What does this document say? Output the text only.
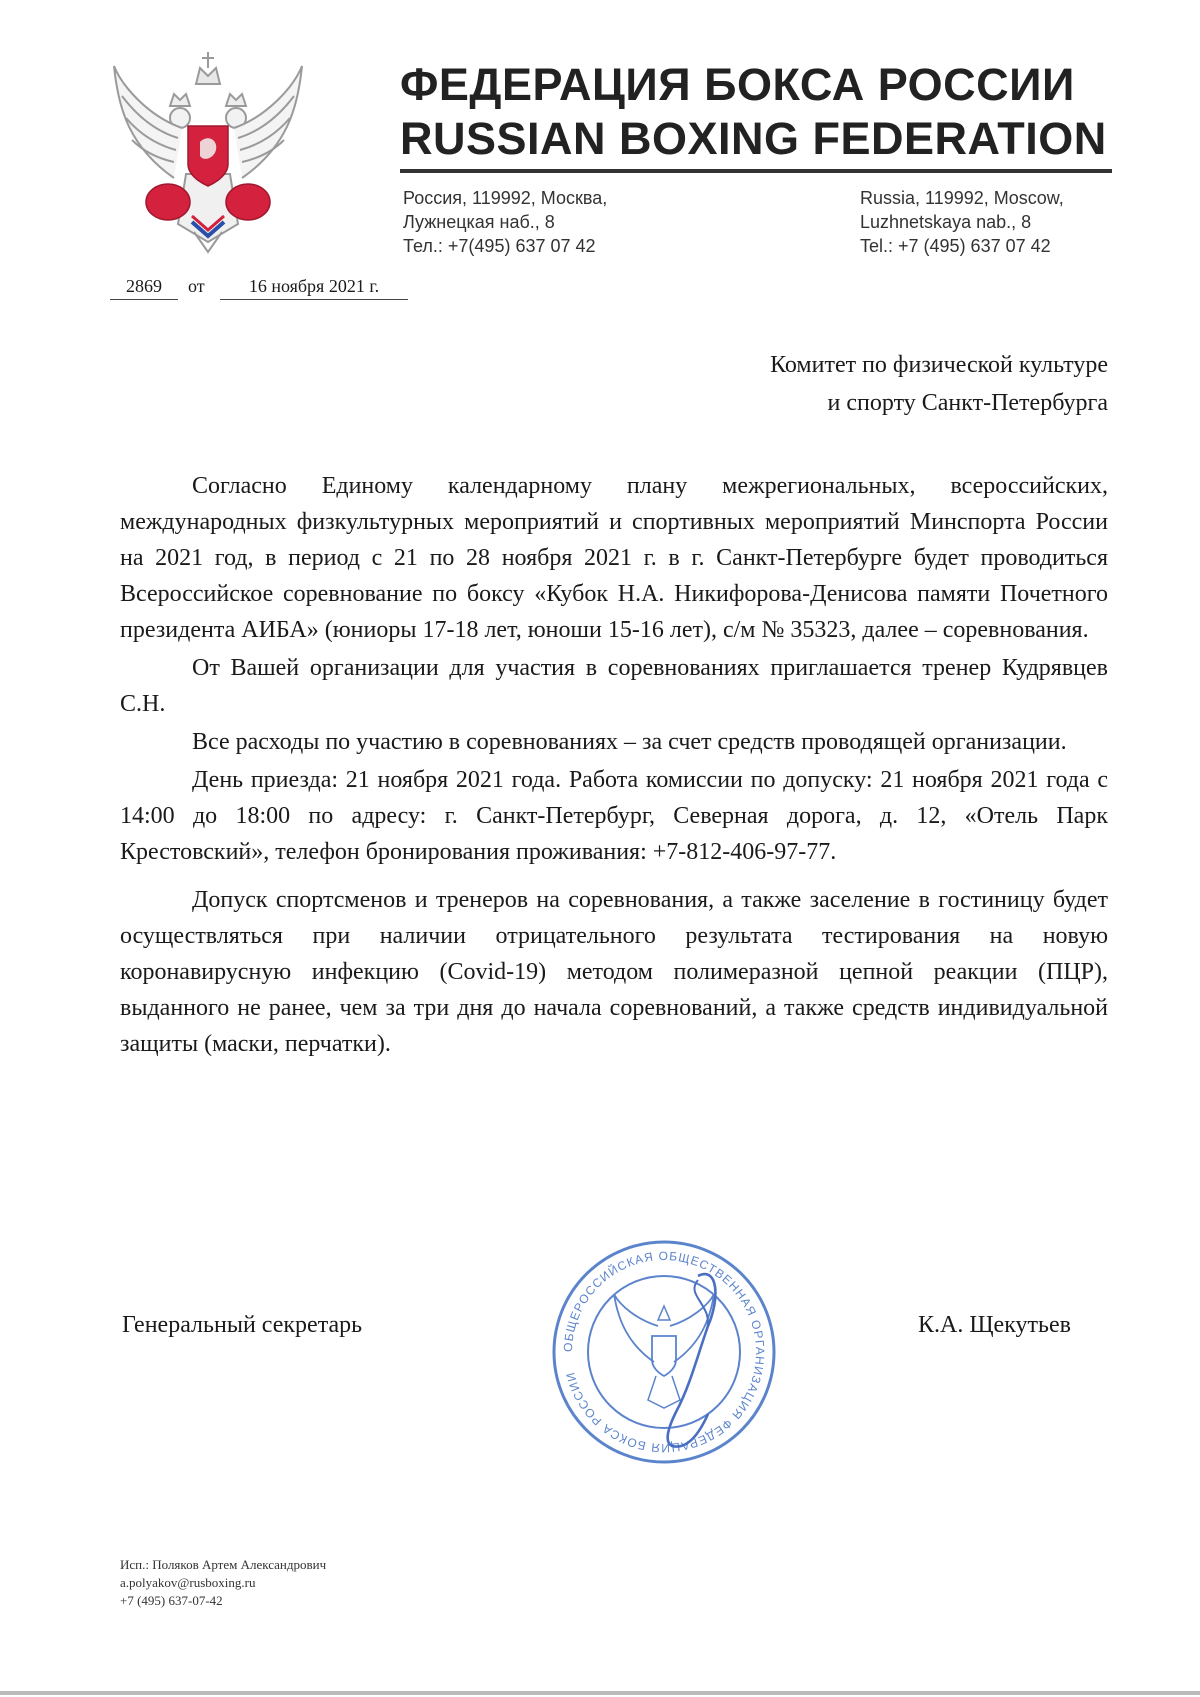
ФЕДЕРАЦИЯ БОКСА РОССИИ
RUSSIAN BOXING FEDERATION
Россия, 119992, Москва,
Лужнецкая наб., 8
Тел.: +7(495) 637 07 42
Russia, 119992, Moscow,
Luzhnetskaya nab., 8
Tel.: +7 (495) 637 07 42
2869	от	16 ноября 2021 г.
Комитет по физической культуре
и спорту Санкт-Петербурга

Согласно Единому календарному плану межрегиональных, всероссийских, международных физкультурных мероприятий и спортивных мероприятий Минспорта России на 2021 год, в период с 21 по 28 ноября 2021 г. в г. Санкт-Петербурге будет проводиться Всероссийское соревнование по боксу «Кубок Н.А. Никифорова-Денисова памяти Почетного президента АИБА» (юниоры 17-18 лет, юноши 15-16 лет), с/м № 35323, далее – соревнования.

От Вашей организации для участия в соревнованиях приглашается тренер Кудрявцев С.Н.

Все расходы по участию в соревнованиях – за счет средств проводящей организации.

День приезда: 21 ноября 2021 года. Работа комиссии по допуску: 21 ноября 2021 года с 14:00 до 18:00 по адресу: г. Санкт-Петербург, Северная дорога, д. 12, «Отель Парк Крестовский», телефон бронирования проживания: +7-812-406-97-77.

Допуск спортсменов и тренеров на соревнования, а также заселение в гостиницу будет осуществляться при наличии отрицательного результата тестирования на новую коронавирусную инфекцию (Covid-19) методом полимеразной цепной реакции (ПЦР), выданного не ранее, чем за три дня до начала соревнований, а также средств индивидуальной защиты (маски, перчатки).

Генеральный секретарь
ОБЩЕРОССИЙСКАЯ ОБЩЕСТВЕННАЯ ОРГАНИЗАЦИЯ ФЕДЕРАЦИЯ БОКСА РОССИИ
К.А. Щекутьев
Исп.: Поляков Артем Александрович
a.polyakov@rusboxing.ru
+7 (495) 637-07-42
